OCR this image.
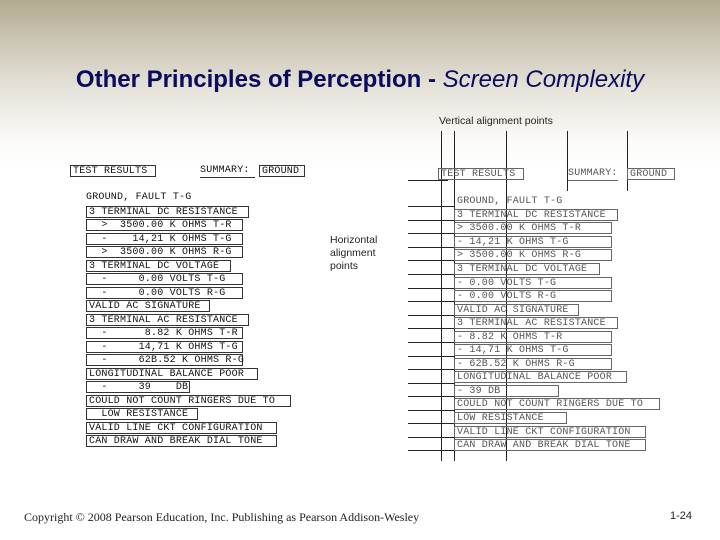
Other Principles of Perception - Screen Complexity
TEST RESULTS	SUMMARY:	GROUND
GROUND, FAULT T-G
3 TERMINAL DC RESISTANCE
>  3500.00 K OHMS T-R
-    14,21 K OHMS T-G
>  3500.00 K OHMS R-G
3 TERMINAL DC VOLTAGE
-     0.00 VOLTS T-G
-     0.00 VOLTS R-G
VALID AC SIGNATURE
3 TERMINAL AC RESISTANCE
-      8.82 K OHMS T-R
-     14,71 K OHMS T-G
-     62B.52 K OHMS R-G
LONGITUDINAL BALANCE POOR
-     39    DB
COULD NOT COUNT RINGERS DUE TO
LOW RESISTANCE
VALID LINE CKT CONFIGURATION
CAN DRAW AND BREAK DIAL TONE
Vertical alignment points
Horizontal
alignment
points
TEST RESULTS	SUMMARY:	GROUND
GROUND, FAULT T-G
3 TERMINAL DC RESISTANCE
> 3500.00 K OHMS T-R
- 14,21 K OHMS T-G
> 3500.00 K OHMS R-G
3 TERMINAL DC VOLTAGE
- 0.00 VOLTS T-G
- 0.00 VOLTS R-G
VALID AC SIGNATURE
3 TERMINAL AC RESISTANCE
- 8.82 K OHMS T-R
- 14,71 K OHMS T-G
- 62B.52 K OHMS R-G
LONGITUDINAL BALANCE POOR
- 39 DB
COULD NOT COUNT RINGERS DUE TO
LOW RESISTANCE
VALID LINE CKT CONFIGURATION
CAN DRAW AND BREAK DIAL TONE
Copyright © 2008 Pearson Education, Inc. Publishing as Pearson Addison-Wesley	1-24
